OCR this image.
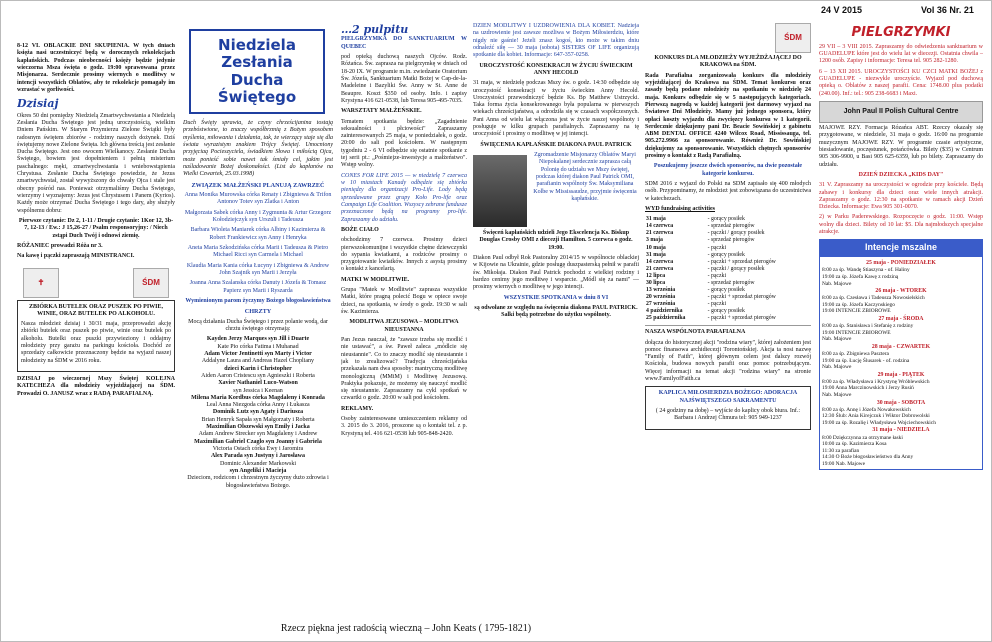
24 V 2015	Vol 36 Nr. 21

8-12 VI. OBLACKIE DNI SKUPIENIA. W tych dniach księża nasi uczestniczyć będą w dorocznych rekolekcjach kapłańskich. Podczas nieobecności księży będzie jedynie wieczorna Msza święta o godz. 19:00 sprawowana przez Misjonarza. Serdecznie prosimy wiernych o modlitwy w intencji wszystkich Oblatów, aby te rekolekcje pomagały im wzrastać w gorliwości.

Dzisiaj

Okres 50 dni pomiędzy Niedzielą Zmartwychwstania a Niedzielą Zesłania Ducha Świętego jest jedną uroczystością, wielkim Dniem Pańskim. W Starym Przymierzu Zielone Świątki były radosnym świętem zbiorów - rodzimy naszych dożynek. Dziś świętujemy nowe Zielone Święta. Ich główna treścią jest zesłanie Ducha Świętego. Jest ono owocem Wielkanocy. Zesłanie Ducha Świętego, bowiem jest dopełnieniem i pełnią misterium paschalnego: męki, zmartwychwstania i wniebowstąpienia Chrystusa. Zesłanie Ducha Świętego powiedzie, że Jezus zmartwychwstał, został wywyższony do chwały Ojca i stale jest obecny pośród nas. Ponieważ otrzymaliśmy Ducha Świętego, wierzymy i wyznajemy: Jezus jest Chrystusem i Panem (Kyrios). Każdy może otrzymać Ducha Świętego i tego dary, aby służyły wspólnemu dobru:

Pierwsze czytanie: Dz 2, 1-11 / Drugie czytanie: 1Kor 12, 3b-7, 12-13 / Ew.: J 15,26-27 / Psalm responsoryjny: / Niech zstąpi Duch Twój i odnowi ziemię.

RÓŻANIEC prowadzi Róża nr 3.

Na kawę i pączki zapraszają MINISTRANCI.

✝	ŚDM

ZBIÓRKA BUTELEK ORAZ PUSZEK PO PIWIE, WINIE, ORAZ BUTELEK PO ALKOHOLU.

Nasza młodzież dzisiaj i 30/31 maja, przeprowadzi akcję zbiórki butelek oraz puszek po piwie, winie oraz butelek po alkoholu. Butelki oraz puszki przywieziony i oddajmy młodzieży przy garażu na parkingu kościoła. Dochód ze sprzedaży całkowicie przeznaczony będzie na wyjazd naszej młodzieży na ŚDM w 2016 roku.

DZISIAJ po wieczornej Mszy Świętej KOLEJNA KATECHEZA dla młodzieży wyjeżdżającej na ŚDM. Prowadzi O. JANUSZ wraz z RADĄ PARAFIALNĄ.

Niedziela Zesłania Ducha Świętego

Duch Święty sprawia, że czyny chrześcijanina tostają przebóstwione, to znaczy współbrzmią z Bożym sposobem myślenia, miłowania i działania, tak, że wierzący staje się dla świata wyrazistym znakiem Trójcy Świętej. Umocniony przyjęciaą Pocieszyciela, świadkiem Słowa i miłością Ojca, może ponieść sobie nawet tak śmiały cel, jakim jest naśladowanie Bożej doskonałości. (List do kapłanów na Wielki Czwartek, 25.03.1998)

ZWIĄZEK MAŁŻEŃSKI PLANUJĄ ZAWRZEĆ

Anna Monika Murowska córka Renaty i Zbigniewa & Trifon Antonov Totev syn Zlatka i Anton

Małgorzata Sabek córka Anny i Zygmunta & Artur Grzegorz Kołodziejczyk syn Urszuli i Tadeusza

Barbara Wioleta Maniarek córka Albiny i Kazimierza & Robert Frankiewicz syn Anny i Henryka

Aneta Maria Szkodzińska córka Marii i Tadeusza & Pietro Michael Ricci syn Carmela i Michael

Klaudia Maria Kania córka Łucyny i Zbigniewa & Andrew John Szajnik syn Marii i Jerzyła

Joanna Anna Szalanska córka Danuty i Józefa & Tomasz Papierz syn Marii i Ryszarda

Wymienionym parom życzymy Bożego błogosławieństwa

CHRZTY

Mocą działania Ducha Świętego i przez polanie wodą, dar chrztu świętego otrzymają:

Kayden Jerzy Marques syn Jill i Duarte
Kate Pio córka Fatima i Muhanad
Adam Victor Jentinetti syn Marty i Victor
Addalyne Laura and Andreas Hazel Chopliany
dzieci Karin i Christopher
Aiden Aaron Cristescu syn Agnieszki i Roberta
Xavier Nathaniel Luco-Watson
syn Jessica i Keenan
Milena Maria Kordbus córka Magdaleny i Konrada
Leal Anna Niezgoda córka Anny i Łukasza
Dominik Lutz syn Agaty i Dariusza
Brian Henryk Sapała syn Małgorzaty i Roberta
Maximilian Olszewski syn Emily i Jacka
Adam Andrew Strecker syn Magdaleny i Andrew
Maximilian Gabriel Czaglo syn Joanny i Gabriela
Victoria Ostach córka Ewy i Jaromira
Alex Parada syn Justyny i Jarosława
Dominic Alexander Markowski
syn Angeliki i Macieja

Dzieciom, rodzicom i chrzestnym życzymy dużo zdrowia i błogosławieństwa Bożego.

…2 pulpitu

PIELGRZYMKA DO SANKTUARIUM W QUEBEC

pod opieką duchową naszych Ojców. Rodz. Różańca. Św. zaprasza na pielgrzymkę w dniach od 18-20 IX. W programie m.in. zwiedzanie Oratorium Św. Józefa, Sanktuarium Matki Bożej w Cap-de-la-Madeleine i Bazyliki Św. Anny w St. Anne de Beaupre. Koszt $350 od osoby. Info. i zapisy Krystyna 416 621-0538, lub Teresa 905-495-7035.

WARSZTATY MAŁŻEŃSKIE.

Tematem spotkania będzie: „Zagadnienie seksualności i płciowości" Zapraszamy zainteresowanych 25 maja, w poniedziałek, o godz. 20:00 do sali pod kościołem. W następnym tygodniu 2 - 6 VI odbędzie się ostatnie spotkanie z tej serii pt.: „Pośmiejze-inwestycje a małżeństwo". Wstęp wolny.

CONES FOR LIFE 2015 — w niedzielę 7 czerwca w 10 miastach Kanady odbędzie się zbiórka pieniędzy dla organizacji Pro-Life. Lody będą sprzedawane przez grupy Koło Pro-life oraz Campaign Life Coalition. Wszyscy zebrane fundusze przeznaczone będą na programy pro-life. Zapraszamy do udziału.

BOŻE CIAŁO

obchodzimy 7 czerwca. Prosimy dzieci pierwszokomunijne i wszystkie chętne dziewczynki do sypania kwiatkami, a rodziców prosimy o przygotowanie kwiatków. Innych z asystą prosimy o kontakt z kancelarią.

MATKI W MODLITWIE.

Grupa "Matek w Modlitwie" zaprasza wszystkie Matki, które pragną polecić Bogu w opiece swoje dzieci, na spotkania, w środy o godz. 19:30 w sali św. Kazimierza.

MODLITWA JEZUSOWA – MODLITWA NIEUSTANNA

Pan Jezus nauczał, że "zawsze trzeba się modlić i nie ustawać", a św. Paweł zaleca „módlcie się nieustannie". Co to znaczy modlić się nieustannie i jak to zrealizować? Tradycja chrześcijańska przekazała nam dwa sposoby: mantryczną modlitwę monologiczną (MMiM) i Modlitwę Jezusową. Praktyka pokazuje, że możemy się nauczyć modlić się nieustannie. Zapraszamy na cykl spotkań w czwartki o godz. 20:00 w sali pod kościołem.

REKLAMY.

Osoby zainteresowane umieszczeniem reklamy od 3. 2015 do 3. 2016, proszone są o kontakt tel. z p. Krystyną tel. 416 621-0538 lub 905-848-2420.

DZIEŃ MODLITWY I UZDROWIENIA DLA KOBIET. Nadzieja na uzdrowienie jest zawsze możliwa w Bożym Miłosierdziu, które nigdy nie gaśnie! Jeżeli znasz kogoś, kto może w takim dniu odnaleźć siłę — 30 maja (sobota) SISTERS OF LIFE organizują spotkanie dla kobiet. Informacje: 647-357-0258.

UROCZYSTOŚĆ KONSEKRACJI W ŻYCIU ŚWIECKIM ANNY HECOLD

31 maja, w niedzielę podczas Mszy św. o godz. 14:30 odbędzie się uroczystość konsekracji w życiu świeckim Anny Hecold. Uroczystości przewodniczyć będzie Ks. Bp Matthew Ustrzycki. Taka forma życia konsekrowanego była popularna w pierwszych wiekach chrześcijaństwa, a odrodziła się w czasach współczesnych. Pani Anna od wielu lat włączona jest w życie naszej wspólnoty i posługuje w kilku grupach parafialnych. Zapraszamy na tę uroczystość i prosimy o modlitwę w jej intencji.

ŚWIĘCENIA KAPŁAŃSKIE DIAKONA PAUL PATRICK

Zgromadzenie Misjonarzy Oblatów Maryi Niepokalanej serdecznie zaprasza całą Polonię do udziału we Mszy świętej, podczas której diakon Paul Patrick OMI, parafianin wspólnoty Św. Maksymiliana Kolbe w Mississaudze, przyjmie święcenia kapłańskie.

Święceń kapłańskich udzieli Jego Ekscelencja Ks. Biskup Douglas Crosby OMI z diecezji Hamilton. 5 czerwca o godz. 19:00.

Diakon Paul odbył Rok Pastoralny 2014/15 w wspólnocie oblackiej w Kijowie na Ukrainie, gdzie posługę duszpasterską pełnił w parafii św. Mikołaja. Diakon Paul Patrick pochodzi z wielkiej rodziny i bardzo cenimy jego modlitwę i wsparcie. „Módl się za nami" — prosimy wiernych o modlitwę w jego intencji.

WSZYSTKIE SPOTKANIA w dniu 8 VI

są odwołane ze względu na święcenia diakona PAUL PATRICK. Salki będą potrzebne do użytku wspólnoty.

ŚDM

KONKURS DLA MŁODZIEŻY WYJEŻDŻAJĄCEJ DO KRAKOWA na ŚDM.

Rada Parafialna zorganizowała konkurs dla młodzieży wyjeżdżającej do Krakowa na ŚDM. Temat konkursu oraz zasady będą podane młodzieży na spotkaniu w niedzielę 24 maja. Konkurs odbędzie się w 5 następujących kategoriach. Pierwszą nagrodą w każdej kategorii jest darmowy wyjazd na Światowe Dni Młodzieży. Mamy już jednego sponsora, który opłaci koszty wyjazdu dla zwycięzcy konkursu w 1 kategorii. Serdecznie dziękujemy pani Dr. Beacie Sowińskiej z gabinetu ABM DENTAL OFFICE 4240 Wilcox Road, Mississauga, tel. 905.272.9966 za sponsorowanie. Również Dr. Sowińskiej dziękujemy za sponsorowanie. Wszystkich chętnych sponsorów prosimy o kontakt z Radą Parafialną.

Poszukujemy jeszcze dwóch sponsorów, na dwie pozostałe kategorie konkursu.

SDM 2016 z wyjazd do Polski na SDM zapisało się 400 młodych osób. Przypominamy, że młodzież jest zobowiązana do uczestnictwa w katechezach.

WYD fundraising activities

31 maja	- gorący posiłek
14 czerwca	- sprzedaż pierogów
21 czerwca	- pączki / gorący posiłek
3 maja	- sprzedaż pierogów
10 maja	- pączki
31 maja	- gorący posiłek
14 czerwca	- pączki + sprzedaż pierogów
21 czerwca	- pączki / gorący posiłek
12 lipca	- pączki
30 lipca	- sprzedaż pierogów
13 września	- gorący posiłek
20 września	- pączki + sprzedaż pierogów
27 września	- pączki
4 października	- gorący posiłek
25 października	- pączki + sprzedaż pierogów

NASZA WSPÓLNOTA PARAFIALNA

dołącza do historycznej akcji "rodzina wiary", której założeniem jest pomoc finansowa archidiecezji Torontońskiej. Akcja ta nosi nazwę "Family of Faith", której głównym celem jest dalszy rozwój Kościoła, budowa nowych parafii oraz pomoc potrzebującym. Więcej informacji na temat akcji "rodzina wiary" na stronie www.FamilyofFaith.ca

KAPLICA MIŁOSIERDZIA BOŻEGO: ADORACJA NAJŚWIĘTSZEGO SAKRAMENTU

( 24 godziny na dobę) – wyjście do kaplicy obok biura. Inf.: Barbara i Andrzej Chmura tel: 905 949-1237

PIELGRZYMKI

29 VII – 3 VIII 2015. Zapraszamy do odwiedzenia sanktuarium w GUADELUPE które jest do wielu lat w diecezji. Ostatnia chwila – 1200 osób. Zapisy i informacje: Teresa tel. 905 282-1280.

6 – 13 XII 2015. UROCZYSTOŚCI KU CZCI MATKI BOŻEJ z GUADELUPE - niezwykle uroczyście. Wyjazd pod duchową opieką o. Oblatów z naszej parafii. Cena: 1748.00 plus podatki (240.00). Inf.: tel.: 905 238-6683 i Maxi.

John Paul II Polish Cultural Centre

MAJOWE RZY. Formacja Rózańca ABT. Rzeczy okazały się przygotowane, w niedziele, 31 maja o godz. 16:00 na programie muzycznym MAJOWE RZY. W programie czasie artystyczne, biesiadowanie, poczęstunek, potańcówka. Bilety ($35) w Centrum 905 306-9900, u Basi 905 625-6359, lub po bilety. Zapraszamy do udziału.

DZIEŃ DZIECKA „KIDS DAY"

31 V. Zapraszamy na uroczystości w ogrodzie przy kościele. Będą zabawy i konkursy dla dzieci oraz wiele innych atrakcji. Zapraszamy o godz. 12:30 na spotkanie w ramach akcji Dzień Dziecka. Informacje: Ewa 905 301-0070.

2) w Parku Paderewskiego. Rozpoczęcie o godz. 11:00. Wstęp wolny dla dzieci. Bilety od 10 lat: $5. Dla najmłodszych specjalne atrakcje.

Intencje mszalne
25 maja - PONIEDZIAŁEK
8:00 za śp. Wandę Stiaszyna - of. Haliny
19:00 za śp. Józefa Kawę z rodziną
Nab. Majowe
26 maja - WTOREK
8:00 za śp. Czesława i Tadeusza Nowosielskich
19:00 za śp. Józefa Kaczynskiego
19:00 INTENCJE ZBIOROWE
27 maja - ŚRODA
8:00 za śp. Stanisława i Stefanię z rodziny
19:00 INTENCJE ZBIOROWE
Nab. Majowe
28 maja - CZWARTEK
8:00 za śp. Zbigniewa Pasztera
19:00 za śp. Łucję Ślusarek - of. rodzina
Nab. Majowe
29 maja - PIĄTEK
8:00 za śp. Władysława i Krystynę Wróblewskich
19:00 Anna Marczinowskich i Jerzy Rusiń
Nab. Majowe
30 maja - SOBOTA
8:00 za śp. Annę i Józefa Nowakowskich
12:30 Ślub: Ania Kirejczuk i Wiktor Dobrowolski
19:00 za śp. Rozalię i Władysława Wojciechowskich
31 maja - NIEDZIELA
8:00 Dziękczynna za otrzymane łaski
10:00 za śp. Kazimierza Kosa
11:30 za parafian
14:30 O Boże błogosławieństwo dla Anny
19:00 Nab. Majowe
Rzecz piękna jest radością wieczną – John Keats ( 1795-1821)
